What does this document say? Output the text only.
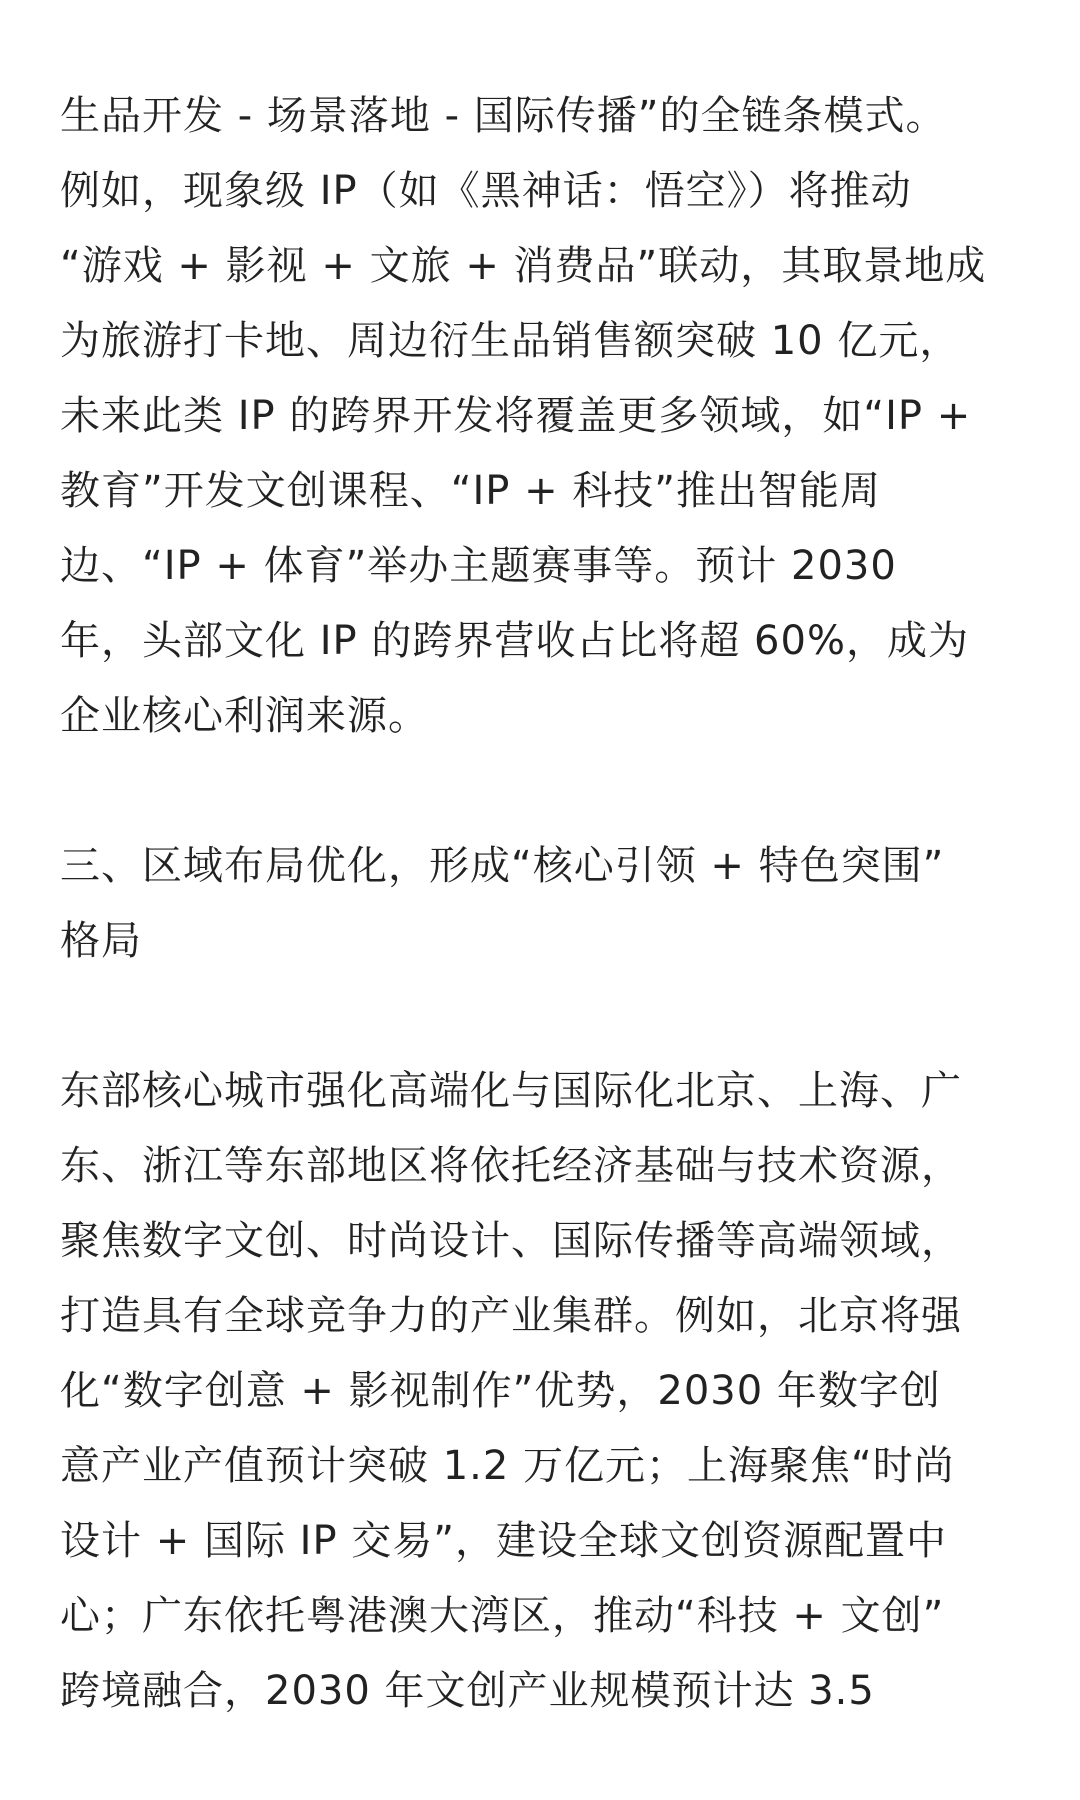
生品开发 - 场景落地 - 国际传播”的全链条模式。
例如，现象级 IP（如《黑神话：悟空》）将推动
“游戏 + 影视 + 文旅 + 消费品”联动，其取景地成
为旅游打卡地、周边衍生品销售额突破 10 亿元，
未来此类 IP 的跨界开发将覆盖更多领域，如“IP +
教育”开发文创课程、“IP + 科技”推出智能周
边、“IP + 体育”举办主题赛事等。预计 2030
年，头部文化 IP 的跨界营收占比将超 60%，成为
企业核心利润来源。
三、区域布局优化，形成“核心引领 + 特色突围”
格局
东部核心城市强化高端化与国际化北京、上海、广
东、浙江等东部地区将依托经济基础与技术资源，
聚焦数字文创、时尚设计、国际传播等高端领域，
打造具有全球竞争力的产业集群。例如，北京将强
化“数字创意 + 影视制作”优势，2030 年数字创
意产业产值预计突破 1.2 万亿元；上海聚焦“时尚
设计 + 国际 IP 交易”，建设全球文创资源配置中
心；广东依托粤港澳大湾区，推动“科技 + 文创”
跨境融合，2030 年文创产业规模预计达 3.5
